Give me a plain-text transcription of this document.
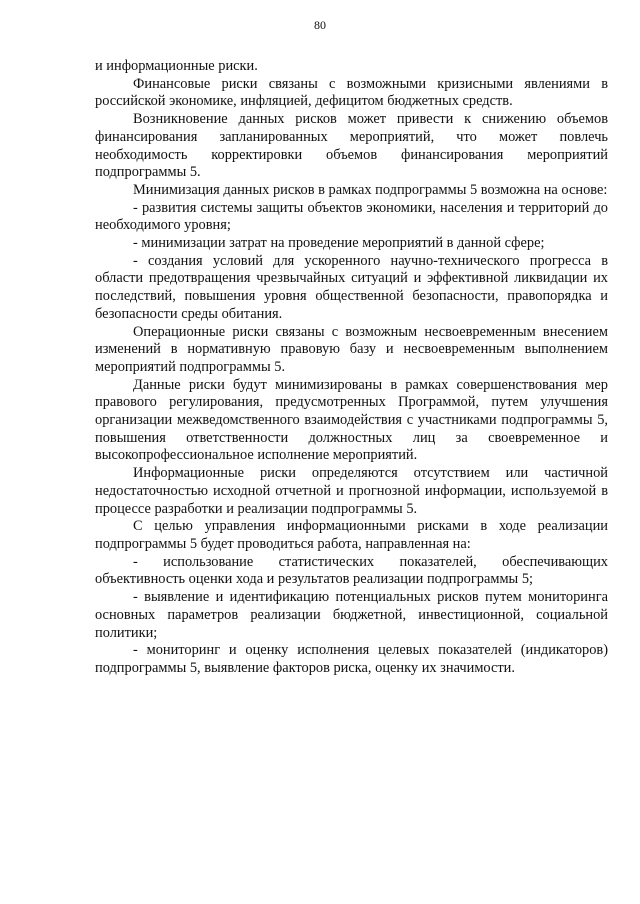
80

и информационные риски.

Финансовые риски связаны с возможными кризисными явлениями в российской экономике, инфляцией, дефицитом бюджетных средств.

Возникновение данных рисков может привести к снижению объемов финансирования запланированных мероприятий, что может повлечь необходимость корректировки объемов финансирования мероприятий подпрограммы 5.

Минимизация данных рисков в рамках подпрограммы 5 возможна на основе:

- развития системы защиты объектов экономики, населения и территорий до необходимого уровня;

- минимизации затрат на проведение мероприятий в данной сфере;

- создания условий для ускоренного научно-технического прогресса в области предотвращения чрезвычайных ситуаций и эффективной ликвидации их последствий, повышения уровня общественной безопасности, правопорядка и безопасности среды обитания.

Операционные риски связаны с возможным несвоевременным внесением изменений в нормативную правовую базу и несвоевременным выполнением мероприятий подпрограммы 5.

Данные риски будут минимизированы в рамках совершенствования мер правового регулирования, предусмотренных Программой, путем улучшения организации межведомственного взаимодействия с участниками подпрограммы 5, повышения ответственности должностных лиц за своевременное и высокопрофессиональное исполнение мероприятий.

Информационные риски определяются отсутствием или частичной недостаточностью исходной отчетной и прогнозной информации, используемой в процессе разработки и реализации подпрограммы 5.

С целью управления информационными рисками в ходе реализации подпрограммы 5 будет проводиться работа, направленная на:

- использование статистических показателей, обеспечивающих объективность оценки хода и результатов реализации подпрограммы 5;

- выявление и идентификацию потенциальных рисков путем мониторинга основных параметров реализации бюджетной, инвестиционной, социальной политики;

- мониторинг и оценку исполнения целевых показателей (индикаторов) подпрограммы 5, выявление факторов риска, оценку их значимости.
